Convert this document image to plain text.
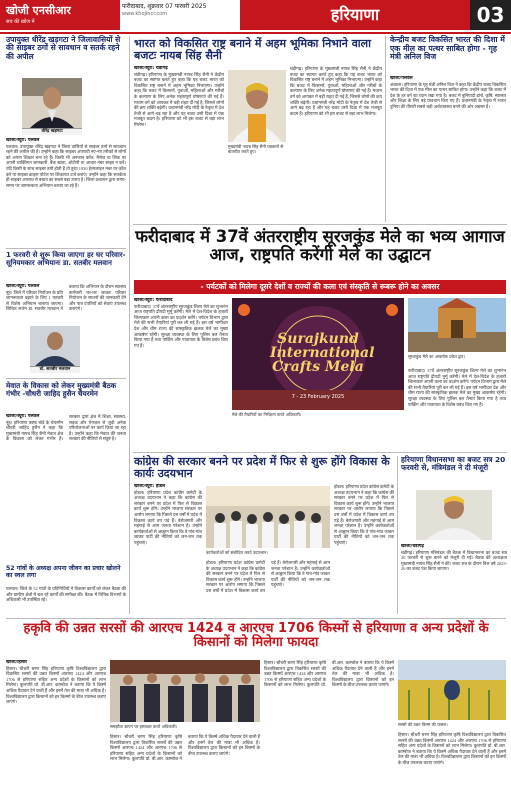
खोजी एनसीआर
सच की खोज में
फरीदाबाद, शुक्रवार 07 फरवरी 2025
www.khojincr.com	हरियाणा	03
उपायुक्त धीरेंद्र खड़गटा ने जिलावासियों से की साइबर ठगों से सावधान व सतर्क रहने की अपील
धीरेंद्र खड़गटा
खोजी/ब्यूरो: पलवल
पलवल। उपायुक्त धीरेंद्र खड़गटा ने जिला वासियों से साइबर ठगों से सावधान रहने की अपील की है। उन्होंने कहा कि साइबर अपराधी नए-नए तरीकों से लोगों को अपना शिकार बना रहे हैं। किसी भी अनजान कॉल, मैसेज या लिंक पर अपनी व्यक्तिगत जानकारी, बैंक खाता, ओटीपी या आधार नंबर साझा न करें। यदि किसी के साथ साइबर ठगी होती है तो तुरंत 1930 हेल्पलाइन नंबर पर कॉल करें या साइबर क्राइम पोर्टल पर शिकायत दर्ज कराएं। उन्होंने कहा कि सतर्कता ही साइबर अपराध से बचाव का सबसे बड़ा उपाय है। जिला प्रशासन द्वारा समय-समय पर जागरूकता अभियान चलाए जा रहे हैं।
1 फरवरी से शुरू किया जाएगा हर घर परिवार-सूनियमकार अभियानः डा. सतबीर मलवान
खोजी/ब्यूरो: पलवल
नूंह। जिले में परिवार नियोजन के प्रति जागरूकता बढ़ाने के लिए 1 फरवरी से विशेष अभियान चलाया जाएगा। सिविल सर्जन डा. सतबीर मलवान ने बताया कि अभियान के दौरान स्वास्थ्य कर्मचारी घर-घर जाकर परिवार नियोजन के साधनों की जानकारी देंगे और पात्र दंपतियों को सेवाएं उपलब्ध कराएंगे।
डॉ. सतबीर मलवान
मेवात के विकास को लेकर मुख्यमंत्री बैठक गंभीर -चौधरी जाहिद हुसैन चैयरमेन
खोजी/ब्यूरो: पलवल
नूंह। हरियाणा वक्फ बोर्ड के चेयरमैन चौधरी जाहिद हुसैन ने कहा कि मुख्यमंत्री नायब सिंह सैनी मेवात क्षेत्र के विकास को लेकर गंभीर हैं। सरकार द्वारा क्षेत्र में शिक्षा, स्वास्थ्य, सड़क और पेयजल से जुड़ी अनेक परियोजनाओं पर कार्य किया जा रहा है। उन्होंने कहा कि मेवात की जनता सरकार की नीतियों से संतुष्ट है।
52 गांवों के अध्यक्ष अपना जीवन का प्रचार खोलने का स्वल लगा
पलवल। जिले के 52 गांवों के प्रतिनिधियों ने विकास कार्यों को लेकर बैठक की और ग्रामीण क्षेत्रों में चल रहे कार्यों की समीक्षा की। बैठक में विभिन्न विभागों के अधिकारी भी उपस्थित रहे।
भारत को विकसित राष्ट्र बनाने में अहम भूमिका निभाने वाला बजटः नायब सिंह सैनी
खोजी/ब्यूरो: चंडीगढ़
चंडीगढ़। हरियाणा के मुख्यमंत्री नायब सिंह सैनी ने केंद्रीय बजट का स्वागत करते हुए कहा कि यह बजट भारत को विकसित राष्ट्र बनाने में अहम भूमिका निभाएगा। उन्होंने कहा कि बजट में किसानों, युवाओं, महिलाओं और गरीबों के कल्याण के लिए अनेक महत्वपूर्ण घोषणाएं की गई हैं। मध्यम वर्ग को आयकर में बड़ी राहत दी गई है, जिससे लोगों की क्रय शक्ति बढ़ेगी। प्रधानमंत्री नरेंद्र मोदी के नेतृत्व में देश तेजी से आगे बढ़ रहा है और यह बजट उसी दिशा में एक मजबूत कदम है। हरियाणा को भी इस बजट से बड़ा लाभ मिलेगा।
मुख्यमंत्री नायब सिंह सैनी पत्रकारों से बातचीत करते हुए।
चंडीगढ़। हरियाणा के मुख्यमंत्री नायब सिंह सैनी ने केंद्रीय बजट का स्वागत करते हुए कहा कि यह बजट भारत को विकसित राष्ट्र बनाने में अहम भूमिका निभाएगा। उन्होंने कहा कि बजट में किसानों, युवाओं, महिलाओं और गरीबों के कल्याण के लिए अनेक महत्वपूर्ण घोषणाएं की गई हैं। मध्यम वर्ग को आयकर में बड़ी राहत दी गई है, जिससे लोगों की क्रय शक्ति बढ़ेगी। प्रधानमंत्री नरेंद्र मोदी के नेतृत्व में देश तेजी से आगे बढ़ रहा है और यह बजट उसी दिशा में एक मजबूत कदम है। हरियाणा को भी इस बजट से बड़ा लाभ मिलेगा।
केन्द्रीय बजट विकसित भारत की दिशा में एक मील का पत्थर साबित होगा - गृह मंत्री अनिल विज
खोजी/पलवल
अंबाला। हरियाणा के गृह मंत्री अनिल विज ने कहा कि केंद्रीय बजट विकसित भारत की दिशा में एक मील का पत्थर साबित होगा। उन्होंने कहा कि बजट में देश के हर वर्ग का ध्यान रखा गया है। बजट में बुनियादी ढांचे, कृषि, स्वास्थ्य और शिक्षा के लिए बड़े प्रावधान किए गए हैं। प्रधानमंत्री के नेतृत्व में भारत दुनिया की तीसरी सबसे बड़ी अर्थव्यवस्था बनने की ओर अग्रसर है।
फरीदाबाद में 37वें अंतरराष्ट्रीय सूरजकुंड मेले का भव्य आगाज आज, राष्ट्रपति करेंगी मेले का उद्घाटन
- पर्यटकों को मिलेगा दूसरे देशों व राज्यों की कला एवं संस्कृति से रूबरू होने का अवसर
खोजी/ब्यूरो: फरीदाबाद
फरीदाबाद। 37वें अंतरराष्ट्रीय सूरजकुंड शिल्प मेले का शुभारंभ आज राष्ट्रपति द्रौपदी मुर्मू करेंगी। मेले में देश-विदेश के हजारों शिल्पकार अपनी कला का प्रदर्शन करेंगे। पर्यटन विभाग द्वारा मेले की सभी तैयारियां पूरी कर ली गई हैं। इस वर्ष भागीदार देश और थीम राज्य की सांस्कृतिक झलक मेले का मुख्य आकर्षण रहेगी। सुरक्षा व्यवस्था के लिए पुलिस बल तैनात किया गया है तथा पार्किंग और यातायात के विशेष प्रबंध किए गए हैं।	Surajkund International Crafts Mela
7 - 23 February 2025
सूरजकुंड मेले का आकर्षक प्रवेश द्वार।
मेले की तैयारियों का निरीक्षण करते अधिकारी।
फरीदाबाद। 37वें अंतरराष्ट्रीय सूरजकुंड शिल्प मेले का शुभारंभ आज राष्ट्रपति द्रौपदी मुर्मू करेंगी। मेले में देश-विदेश के हजारों शिल्पकार अपनी कला का प्रदर्शन करेंगे। पर्यटन विभाग द्वारा मेले की सभी तैयारियां पूरी कर ली गई हैं। इस वर्ष भागीदार देश और थीम राज्य की सांस्कृतिक झलक मेले का मुख्य आकर्षण रहेगी। सुरक्षा व्यवस्था के लिए पुलिस बल तैनात किया गया है तथा पार्किंग और यातायात के विशेष प्रबंध किए गए हैं।
कांग्रेस की सरकार बनने पर प्रदेश में फिर से शुरू होंगे विकास के कार्यः उदयभान
खोजी/ब्यूरो: होडल
होडल। हरियाणा प्रदेश कांग्रेस कमेटी के अध्यक्ष उदयभान ने कहा कि कांग्रेस की सरकार बनने पर प्रदेश में फिर से विकास कार्य शुरू होंगे। उन्होंने भाजपा सरकार पर आरोप लगाया कि पिछले दस वर्षों में प्रदेश में विकास कार्य ठप पड़े हैं। बेरोजगारी और महंगाई से आम जनता परेशान है। उन्होंने कार्यकर्ताओं से आह्वान किया कि वे गांव-गांव जाकर पार्टी की नीतियों को जन-जन तक पहुंचाएं।
कार्यकर्ताओं को संबोधित करते उदयभान।
होडल। हरियाणा प्रदेश कांग्रेस कमेटी के अध्यक्ष उदयभान ने कहा कि कांग्रेस की सरकार बनने पर प्रदेश में फिर से विकास कार्य शुरू होंगे। उन्होंने भाजपा सरकार पर आरोप लगाया कि पिछले दस वर्षों में प्रदेश में विकास कार्य ठप पड़े हैं। बेरोजगारी और महंगाई से आम जनता परेशान है। उन्होंने कार्यकर्ताओं से आह्वान किया कि वे गांव-गांव जाकर पार्टी की नीतियों को जन-जन तक पहुंचाएं।
होडल। हरियाणा प्रदेश कांग्रेस कमेटी के अध्यक्ष उदयभान ने कहा कि कांग्रेस की सरकार बनने पर प्रदेश में फिर से विकास कार्य शुरू होंगे। उन्होंने भाजपा सरकार पर आरोप लगाया कि पिछले दस वर्षों में प्रदेश में विकास कार्य ठप पड़े हैं। बेरोजगारी और महंगाई से आम जनता परेशान है। उन्होंने कार्यकर्ताओं से आह्वान किया कि वे गांव-गांव जाकर पार्टी की नीतियों को जन-जन तक पहुंचाएं।
हरियाणा विधानसभा का बजट सत्र 20 फरवरी से, मंत्रिमंडल ने दी मंजूरी
खोजी/चंडीगढ़
चंडीगढ़। हरियाणा मंत्रिमंडल की बैठक में विधानसभा का बजट सत्र 20 फरवरी से शुरू करने को मंजूरी दी गई। बैठक की अध्यक्षता मुख्यमंत्री नायब सिंह सैनी ने की। बजट सत्र के दौरान वित्त वर्ष 2025-26 का बजट पेश किया जाएगा।
हकृवि की उन्नत सरसों की आरएच 1424 व आरएच 1706 किस्मों से हरियाणा व अन्य प्रदेशों के किसानों को मिलेगा फायदा
खोजी/हिसार
हिसार। चौधरी चरण सिंह हरियाणा कृषि विश्वविद्यालय द्वारा विकसित सरसों की उन्नत किस्मों आरएच 1424 और आरएच 1706 से हरियाणा सहित अन्य प्रदेशों के किसानों को लाभ मिलेगा। कुलपति प्रो. बी.आर. काम्बोज ने बताया कि ये किस्में अधिक पैदावार देने वाली हैं और इनमें तेल की मात्रा भी अधिक है। विश्वविद्यालय द्वारा किसानों को इन किस्मों के बीज उपलब्ध कराए जाएंगे।
समझौता ज्ञापन पर हस्ताक्षर करते अधिकारी।
हिसार। चौधरी चरण सिंह हरियाणा कृषि विश्वविद्यालय द्वारा विकसित सरसों की उन्नत किस्मों आरएच 1424 और आरएच 1706 से हरियाणा सहित अन्य प्रदेशों के किसानों को लाभ मिलेगा। कुलपति प्रो. बी.आर. काम्बोज ने बताया कि ये किस्में अधिक पैदावार देने वाली हैं और इनमें तेल की मात्रा भी अधिक है। विश्वविद्यालय द्वारा किसानों को इन किस्मों के बीज उपलब्ध कराए जाएंगे।
हिसार। चौधरी चरण सिंह हरियाणा कृषि विश्वविद्यालय द्वारा विकसित सरसों की उन्नत किस्मों आरएच 1424 और आरएच 1706 से हरियाणा सहित अन्य प्रदेशों के किसानों को लाभ मिलेगा। कुलपति प्रो. बी.आर. काम्बोज ने बताया कि ये किस्में अधिक पैदावार देने वाली हैं और इनमें तेल की मात्रा भी अधिक है। विश्वविद्यालय द्वारा किसानों को इन किस्मों के बीज उपलब्ध कराए जाएंगे।
सरसों की उन्नत किस्म की फसल।
हिसार। चौधरी चरण सिंह हरियाणा कृषि विश्वविद्यालय द्वारा विकसित सरसों की उन्नत किस्मों आरएच 1424 और आरएच 1706 से हरियाणा सहित अन्य प्रदेशों के किसानों को लाभ मिलेगा। कुलपति प्रो. बी.आर. काम्बोज ने बताया कि ये किस्में अधिक पैदावार देने वाली हैं और इनमें तेल की मात्रा भी अधिक है। विश्वविद्यालय द्वारा किसानों को इन किस्मों के बीज उपलब्ध कराए जाएंगे।
